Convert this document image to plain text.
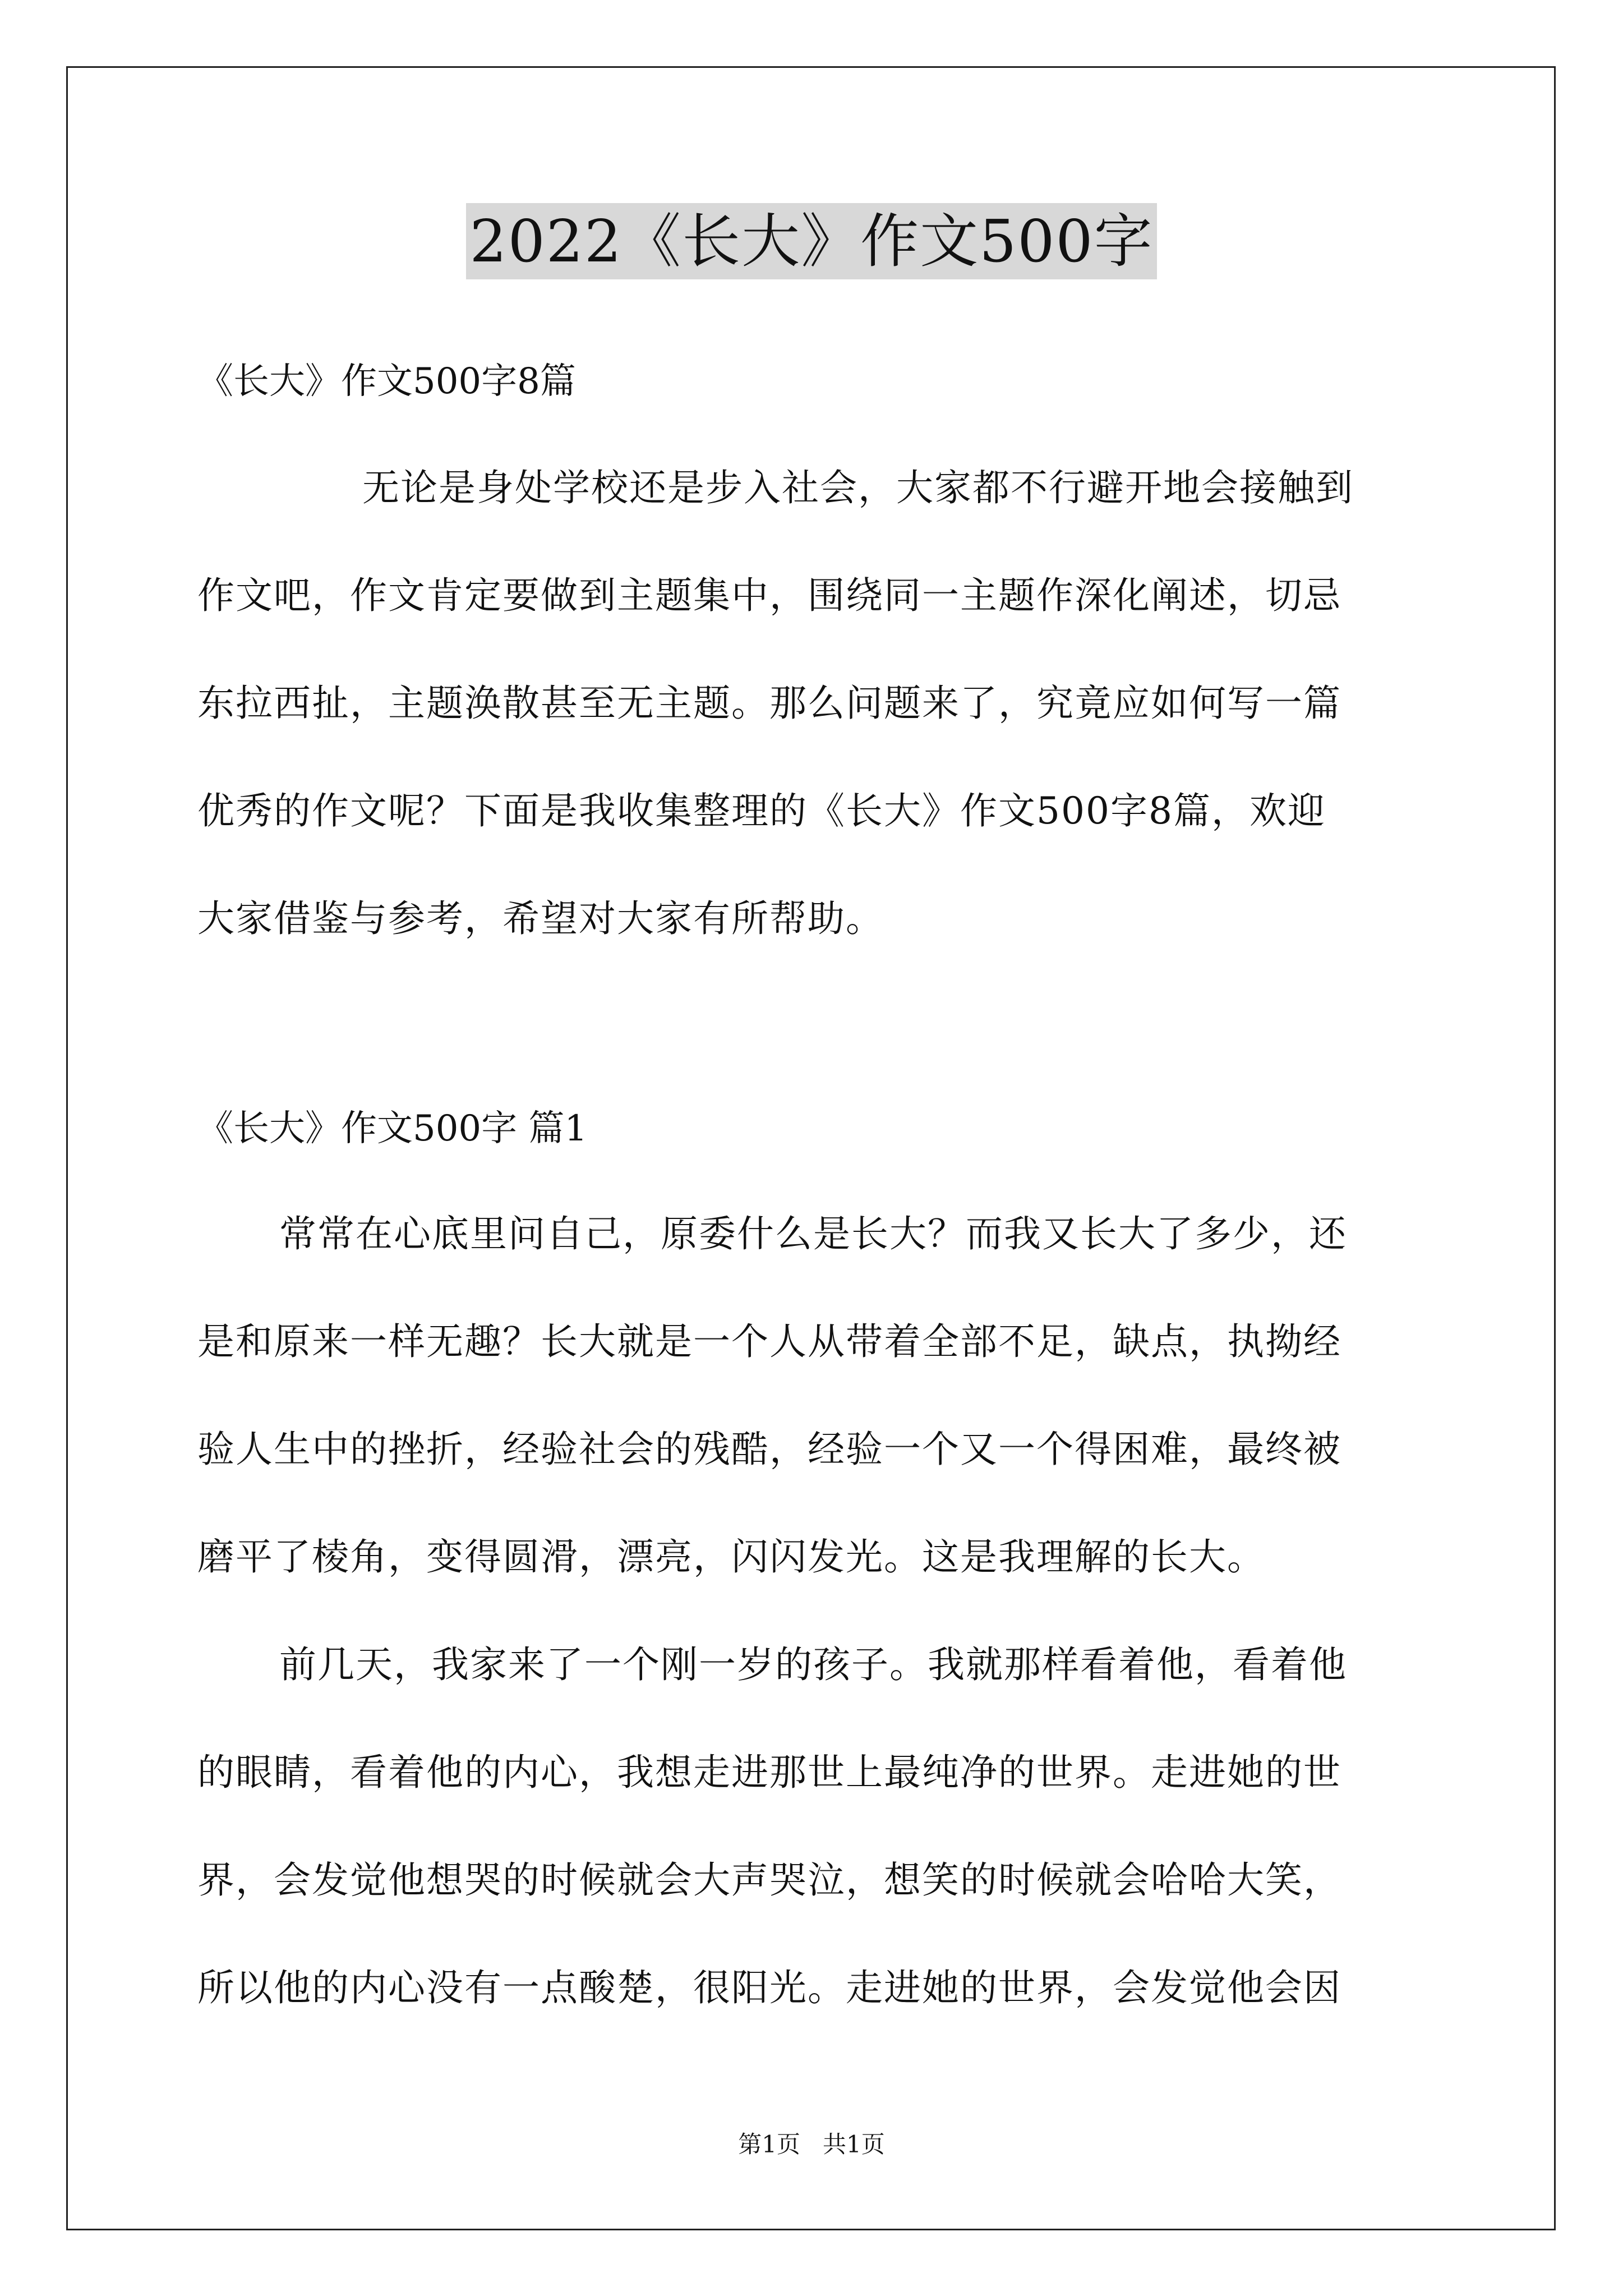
2022《长大》作文500字
《长大》作文500字8篇
无论是身处学校还是步入社会，大家都不行避开地会接触到
作文吧，作文肯定要做到主题集中，围绕同一主题作深化阐述，切忌
东拉西扯，主题涣散甚至无主题。那么问题来了，究竟应如何写一篇
优秀的作文呢？下面是我收集整理的《长大》作文500字8篇，欢迎
大家借鉴与参考，希望对大家有所帮助。
《长大》作文500字 篇1
常常在心底里问自己，原委什么是长大？而我又长大了多少，还
是和原来一样无趣？长大就是一个人从带着全部不足，缺点，执拗经
验人生中的挫折，经验社会的残酷，经验一个又一个得困难，最终被
磨平了棱角，变得圆滑，漂亮，闪闪发光。这是我理解的长大。
前几天，我家来了一个刚一岁的孩子。我就那样看着他，看着他
的眼睛，看着他的内心，我想走进那世上最纯净的世界。走进她的世
界，会发觉他想哭的时候就会大声哭泣，想笑的时候就会哈哈大笑，
所以他的内心没有一点酸楚，很阳光。走进她的世界，会发觉他会因
第1页   共1页
